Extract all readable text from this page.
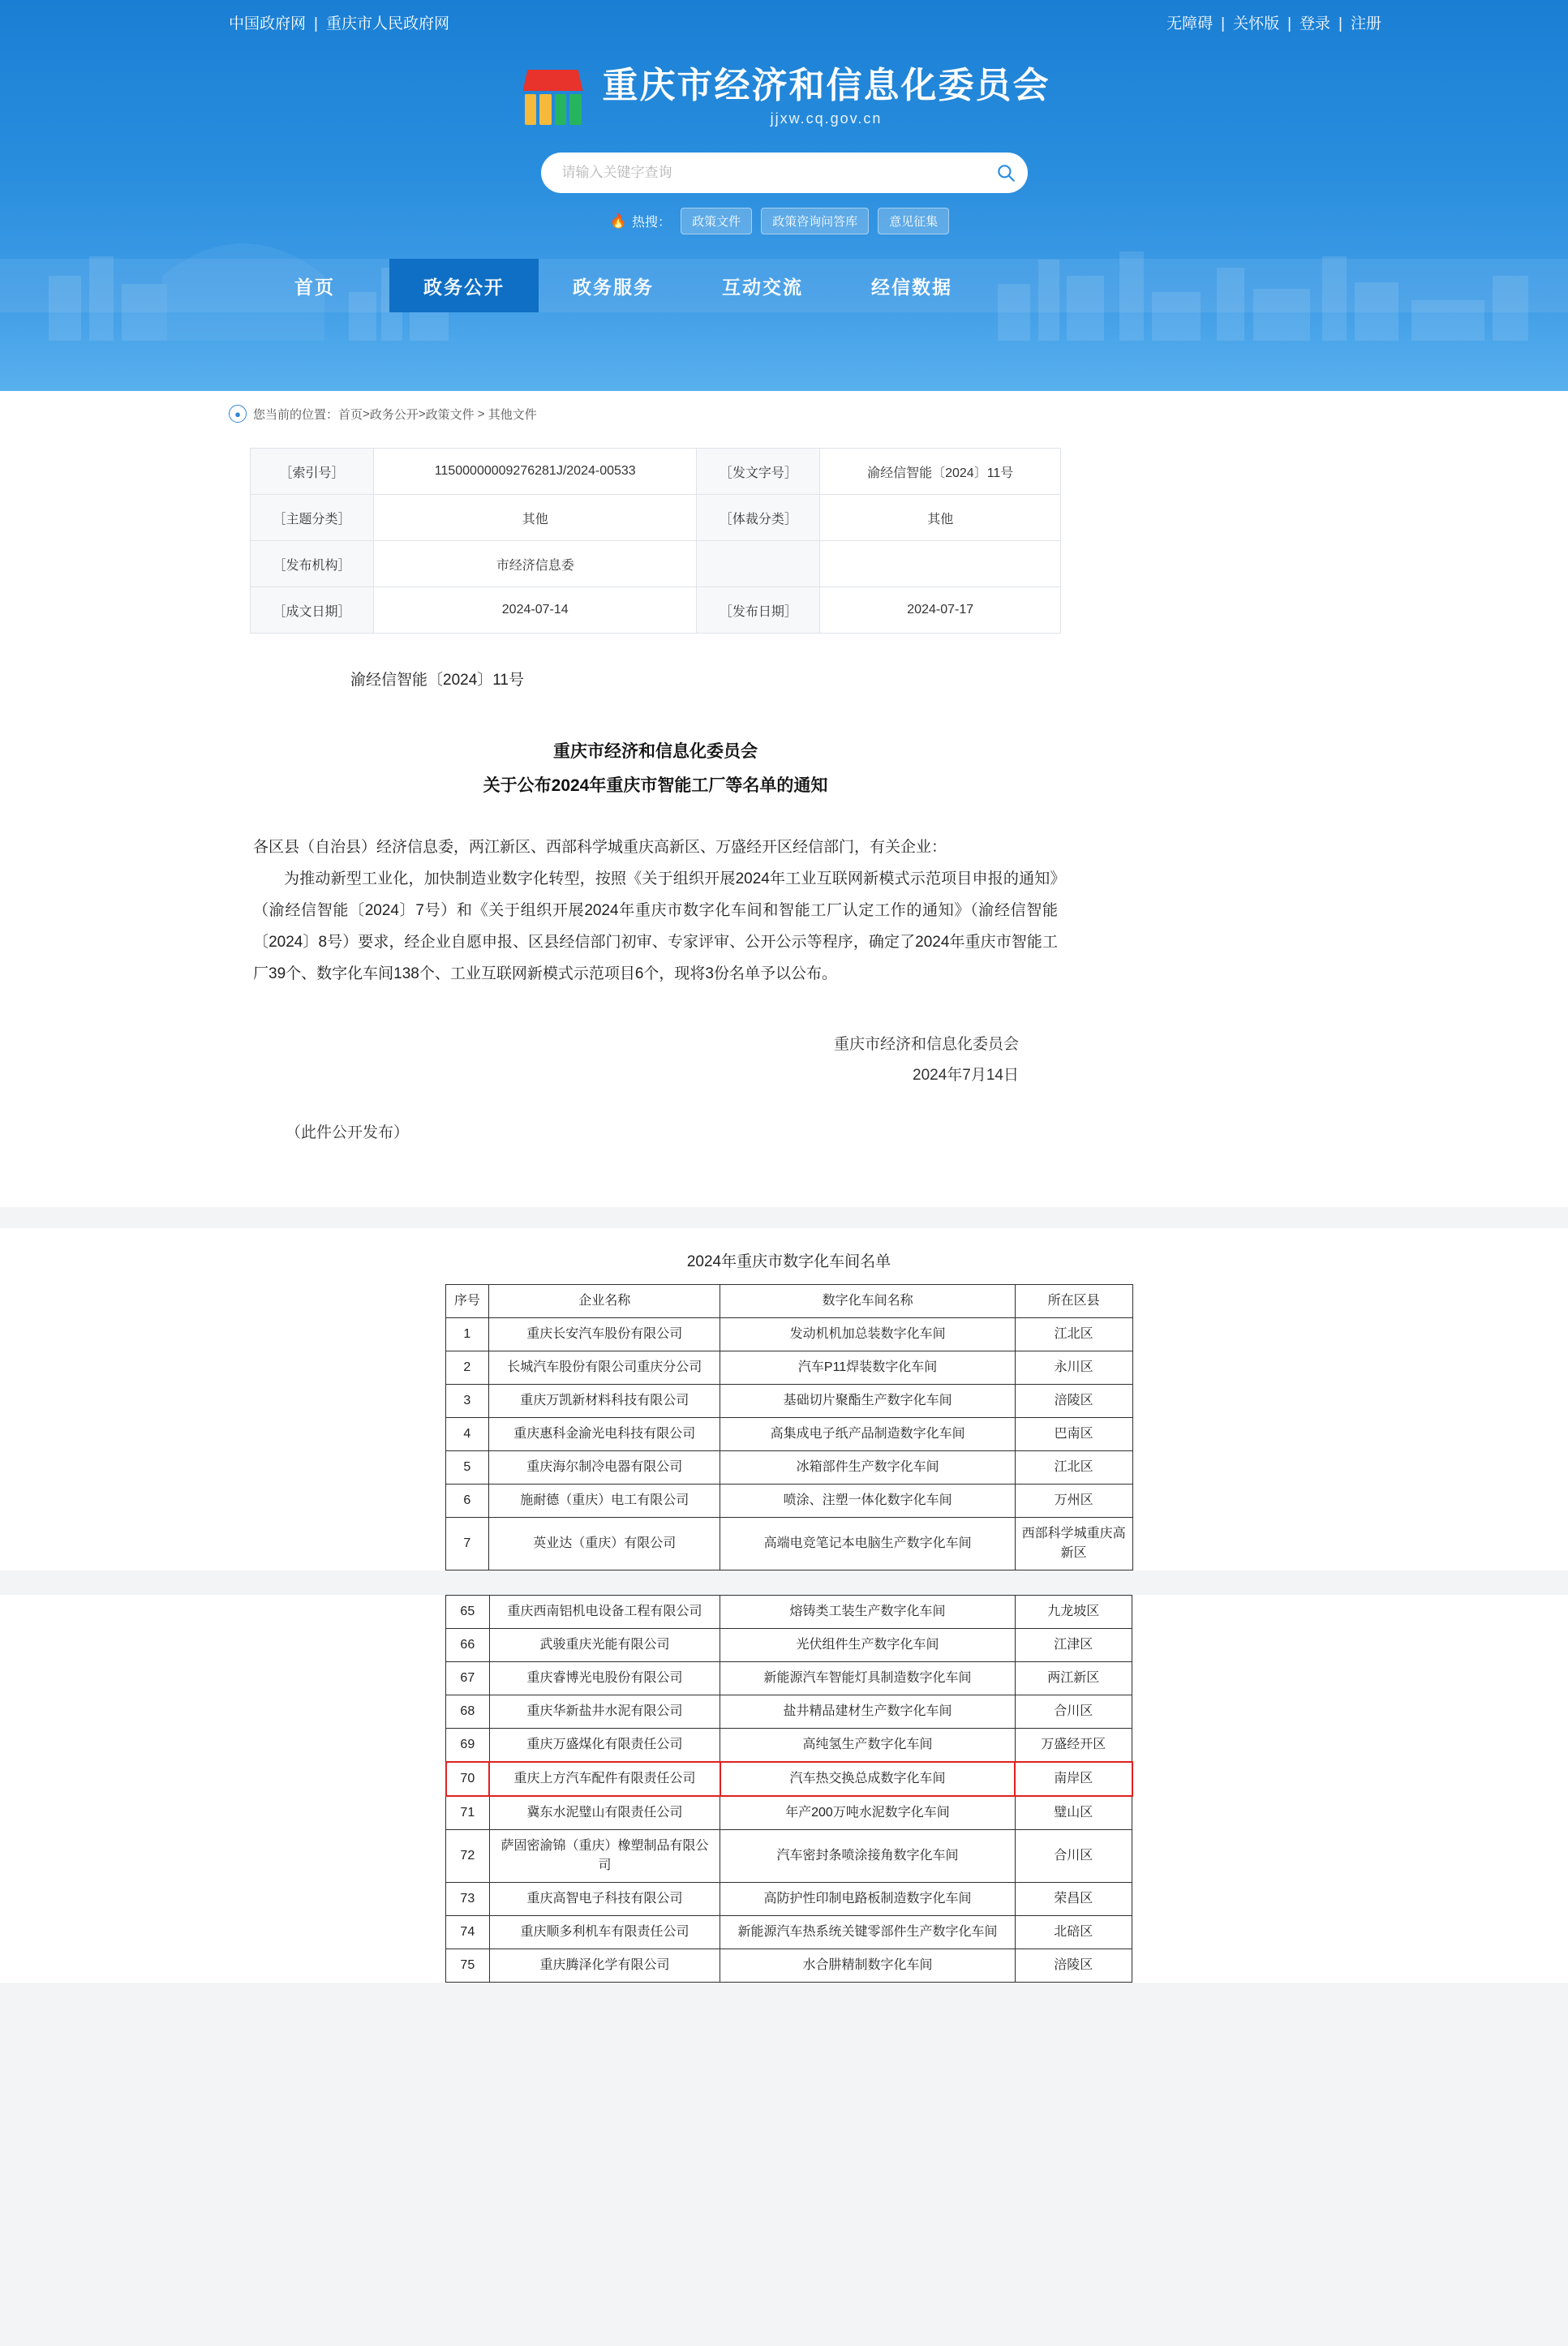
中国政府网 | 重庆市人民政府网	无障碍 | 关怀版 | 登录 | 注册
重庆市经济和信息化委员会
jjxw.cq.gov.cn
请输入关键字查询
🔥 热搜：	政策文件	政策咨询问答库	意见征集
首页	政务公开	政务服务	互动交流	经信数据
●	您当前的位置： 首页 > 政务公开 > 政策文件 > 其他文件
［索引号］	11500000009276281J/2024-00533	［发文字号］	渝经信智能〔2024〕11号
［主题分类］	其他	［体裁分类］	其他
［发布机构］	市经济信息委		
［成文日期］	2024-07-14	［发布日期］	2024-07-17
渝经信智能〔2024〕11号
重庆市经济和信息化委员会
关于公布2024年重庆市智能工厂等名单的通知

各区县（自治县）经济信息委，两江新区、西部科学城重庆高新区、万盛经开区经信部门，有关企业：

为推动新型工业化，加快制造业数字化转型，按照《关于组织开展2024年工业互联网新模式示范项目申报的通知》（渝经信智能〔2024〕7号）和《关于组织开展2024年重庆市数字化车间和智能工厂认定工作的通知》（渝经信智能〔2024〕8号）要求，经企业自愿申报、区县经信部门初审、专家评审、公开公示等程序，确定了2024年重庆市智能工厂39个、数字化车间138个、工业互联网新模式示范项目6个，现将3份名单予以公布。

重庆市经济和信息化委员会
2024年7月14日
（此件公开发布）
2024年重庆市数字化车间名单
序号	企业名称	数字化车间名称	所在区县
1	重庆长安汽车股份有限公司	发动机机加总装数字化车间	江北区
2	长城汽车股份有限公司重庆分公司	汽车P11焊装数字化车间	永川区
3	重庆万凯新材料科技有限公司	基础切片聚酯生产数字化车间	涪陵区
4	重庆惠科金渝光电科技有限公司	高集成电子纸产品制造数字化车间	巴南区
5	重庆海尔制冷电器有限公司	冰箱部件生产数字化车间	江北区
6	施耐德（重庆）电工有限公司	喷涂、注塑一体化数字化车间	万州区
7	英业达（重庆）有限公司	高端电竞笔记本电脑生产数字化车间	西部科学城重庆高新区
65	重庆西南铝机电设备工程有限公司	熔铸类工装生产数字化车间	九龙坡区
66	武骏重庆光能有限公司	光伏组件生产数字化车间	江津区
67	重庆睿博光电股份有限公司	新能源汽车智能灯具制造数字化车间	两江新区
68	重庆华新盐井水泥有限公司	盐井精品建材生产数字化车间	合川区
69	重庆万盛煤化有限责任公司	高纯氢生产数字化车间	万盛经开区
70	重庆上方汽车配件有限责任公司	汽车热交换总成数字化车间	南岸区
71	冀东水泥璧山有限责任公司	年产200万吨水泥数字化车间	璧山区
72	萨固密渝锦（重庆）橡塑制品有限公司	汽车密封条喷涂接角数字化车间	合川区
73	重庆高智电子科技有限公司	高防护性印制电路板制造数字化车间	荣昌区
74	重庆顺多利机车有限责任公司	新能源汽车热系统关键零部件生产数字化车间	北碚区
75	重庆腾泽化学有限公司	水合肼精制数字化车间	涪陵区
